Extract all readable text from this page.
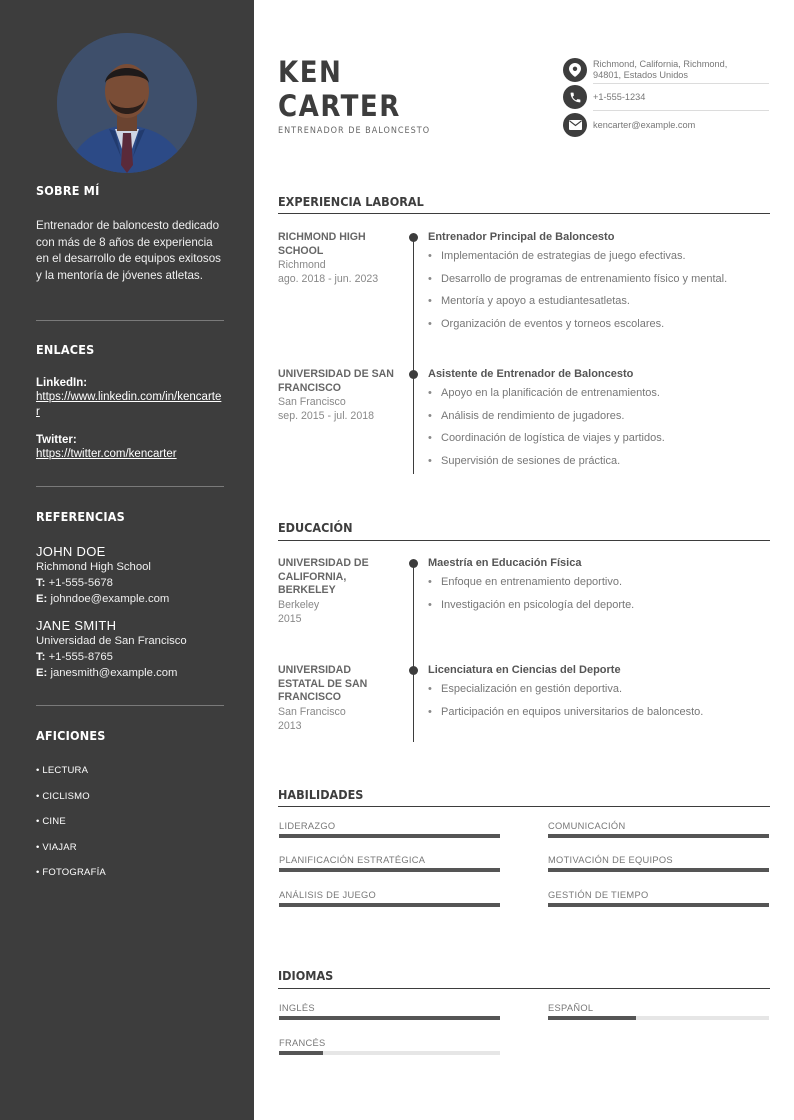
SOBRE MÍ
Entrenador de baloncesto dedicado con más de 8 años de experiencia en el desarrollo de equipos exitosos y la mentoría de jóvenes atletas.
ENLACES
LinkedIn:
https://www.linkedin.com/in/kencarter
Twitter:
https://twitter.com/kencarter
REFERENCIAS
JOHN DOE
Richmond High School
T: +1-555-5678
E: johndoe@example.com
JANE SMITH
Universidad de San Francisco
T: +1-555-8765
E: janesmith@example.com
AFICIONES
• LECTURA
• CICLISMO
• CINE
• VIAJAR
• FOTOGRAFÍA
KEN
CARTER
ENTRENADOR DE BALONCESTO
Richmond, California, Richmond,
94801, Estados Unidos
+1-555-1234
kencarter@example.com
EXPERIENCIA LABORAL
RICHMOND HIGH SCHOOL
Richmond
ago. 2018 - jun. 2023
Entrenador Principal de Baloncesto
• Implementación de estrategias de juego efectivas.
• Desarrollo de programas de entrenamiento físico y mental.
• Mentoría y apoyo a estudiantesatletas.
• Organización de eventos y torneos escolares.
UNIVERSIDAD DE SAN FRANCISCO
San Francisco
sep. 2015 - jul. 2018
Asistente de Entrenador de Baloncesto
• Apoyo en la planificación de entrenamientos.
• Análisis de rendimiento de jugadores.
• Coordinación de logística de viajes y partidos.
• Supervisión de sesiones de práctica.
EDUCACIÓN
UNIVERSIDAD DE CALIFORNIA, BERKELEY
Berkeley
2015
Maestría en Educación Física
• Enfoque en entrenamiento deportivo.
• Investigación en psicología del deporte.
UNIVERSIDAD ESTATAL DE SAN FRANCISCO
San Francisco
2013
Licenciatura en Ciencias del Deporte
• Especialización en gestión deportiva.
• Participación en equipos universitarios de baloncesto.
HABILIDADES
LIDERAZGO	COMUNICACIÓN
PLANIFICACIÓN ESTRATÉGICA	MOTIVACIÓN DE EQUIPOS
ANÁLISIS DE JUEGO	GESTIÓN DE TIEMPO
IDIOMAS
INGLÉS	ESPAÑOL
FRANCÉS
